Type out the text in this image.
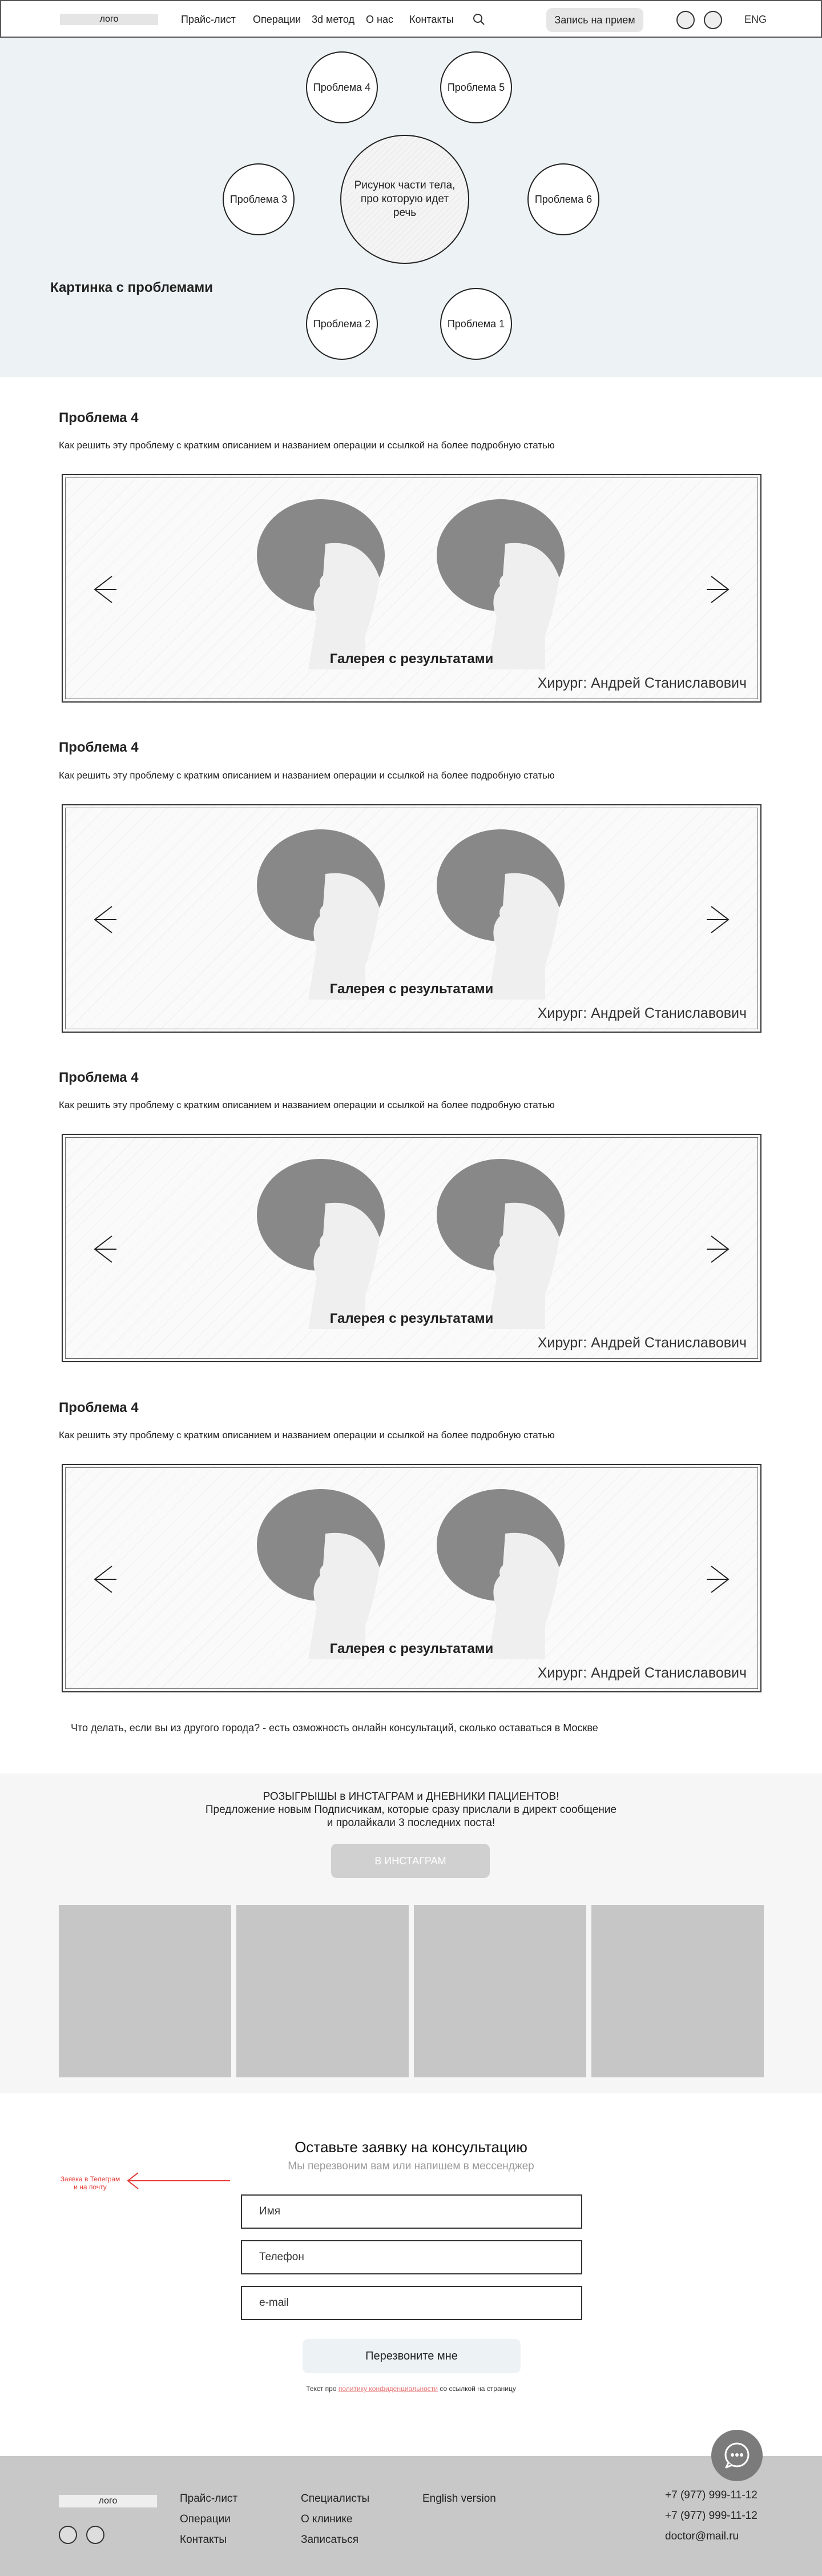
лого	Прайс-лист Операции 3d метод О нас Контакты	Запись на прием	ENG
Проблема 4	Проблема 5
Проблема 3
Рисунок части тела, про которую идет речь
Проблема 6
Проблема 2	Проблема 1
Картинка с проблемами
Проблема 4
Как решить эту проблему с кратким описанием и названием операции и ссылкой на более подробную статью
Галерея с результатами
Хирург: Андрей Станиславович
Проблема 4
Как решить эту проблему с кратким описанием и названием операции и ссылкой на более подробную статью
Галерея с результатами
Хирург: Андрей Станиславович
Проблема 4
Как решить эту проблему с кратким описанием и названием операции и ссылкой на более подробную статью
Галерея с результатами
Хирург: Андрей Станиславович
Проблема 4
Как решить эту проблему с кратким описанием и названием операции и ссылкой на более подробную статью
Галерея с результатами
Хирург: Андрей Станиславович
Что делать, если вы из другого города? - есть озможность онлайн консультаций, сколько оставаться в Москве
РОЗЫГРЫШЫ в ИНСТАГРАМ и ДНЕВНИКИ ПАЦИЕНТОВ!
Предложение новым Подписчикам, которые сразу прислали в директ сообщение
и пролайкали 3 последних поста!
В ИНСТАГРАМ
Оставьте заявку на консультацию
Мы перезвоним вам или напишем в мессенджер
Заявка в Телеграм
и на почту
Имя
Телефон
e-mail
Перезвоните мне
Текст про политику конфиденциальности со ссылкой на страницу
лого	Прайс-лист
Операции
Контакты
Специалисты
О клинике
Записаться
English version	+7 (977) 999-11-12
+7 (977) 999-11-12
doctor@mail.ru
